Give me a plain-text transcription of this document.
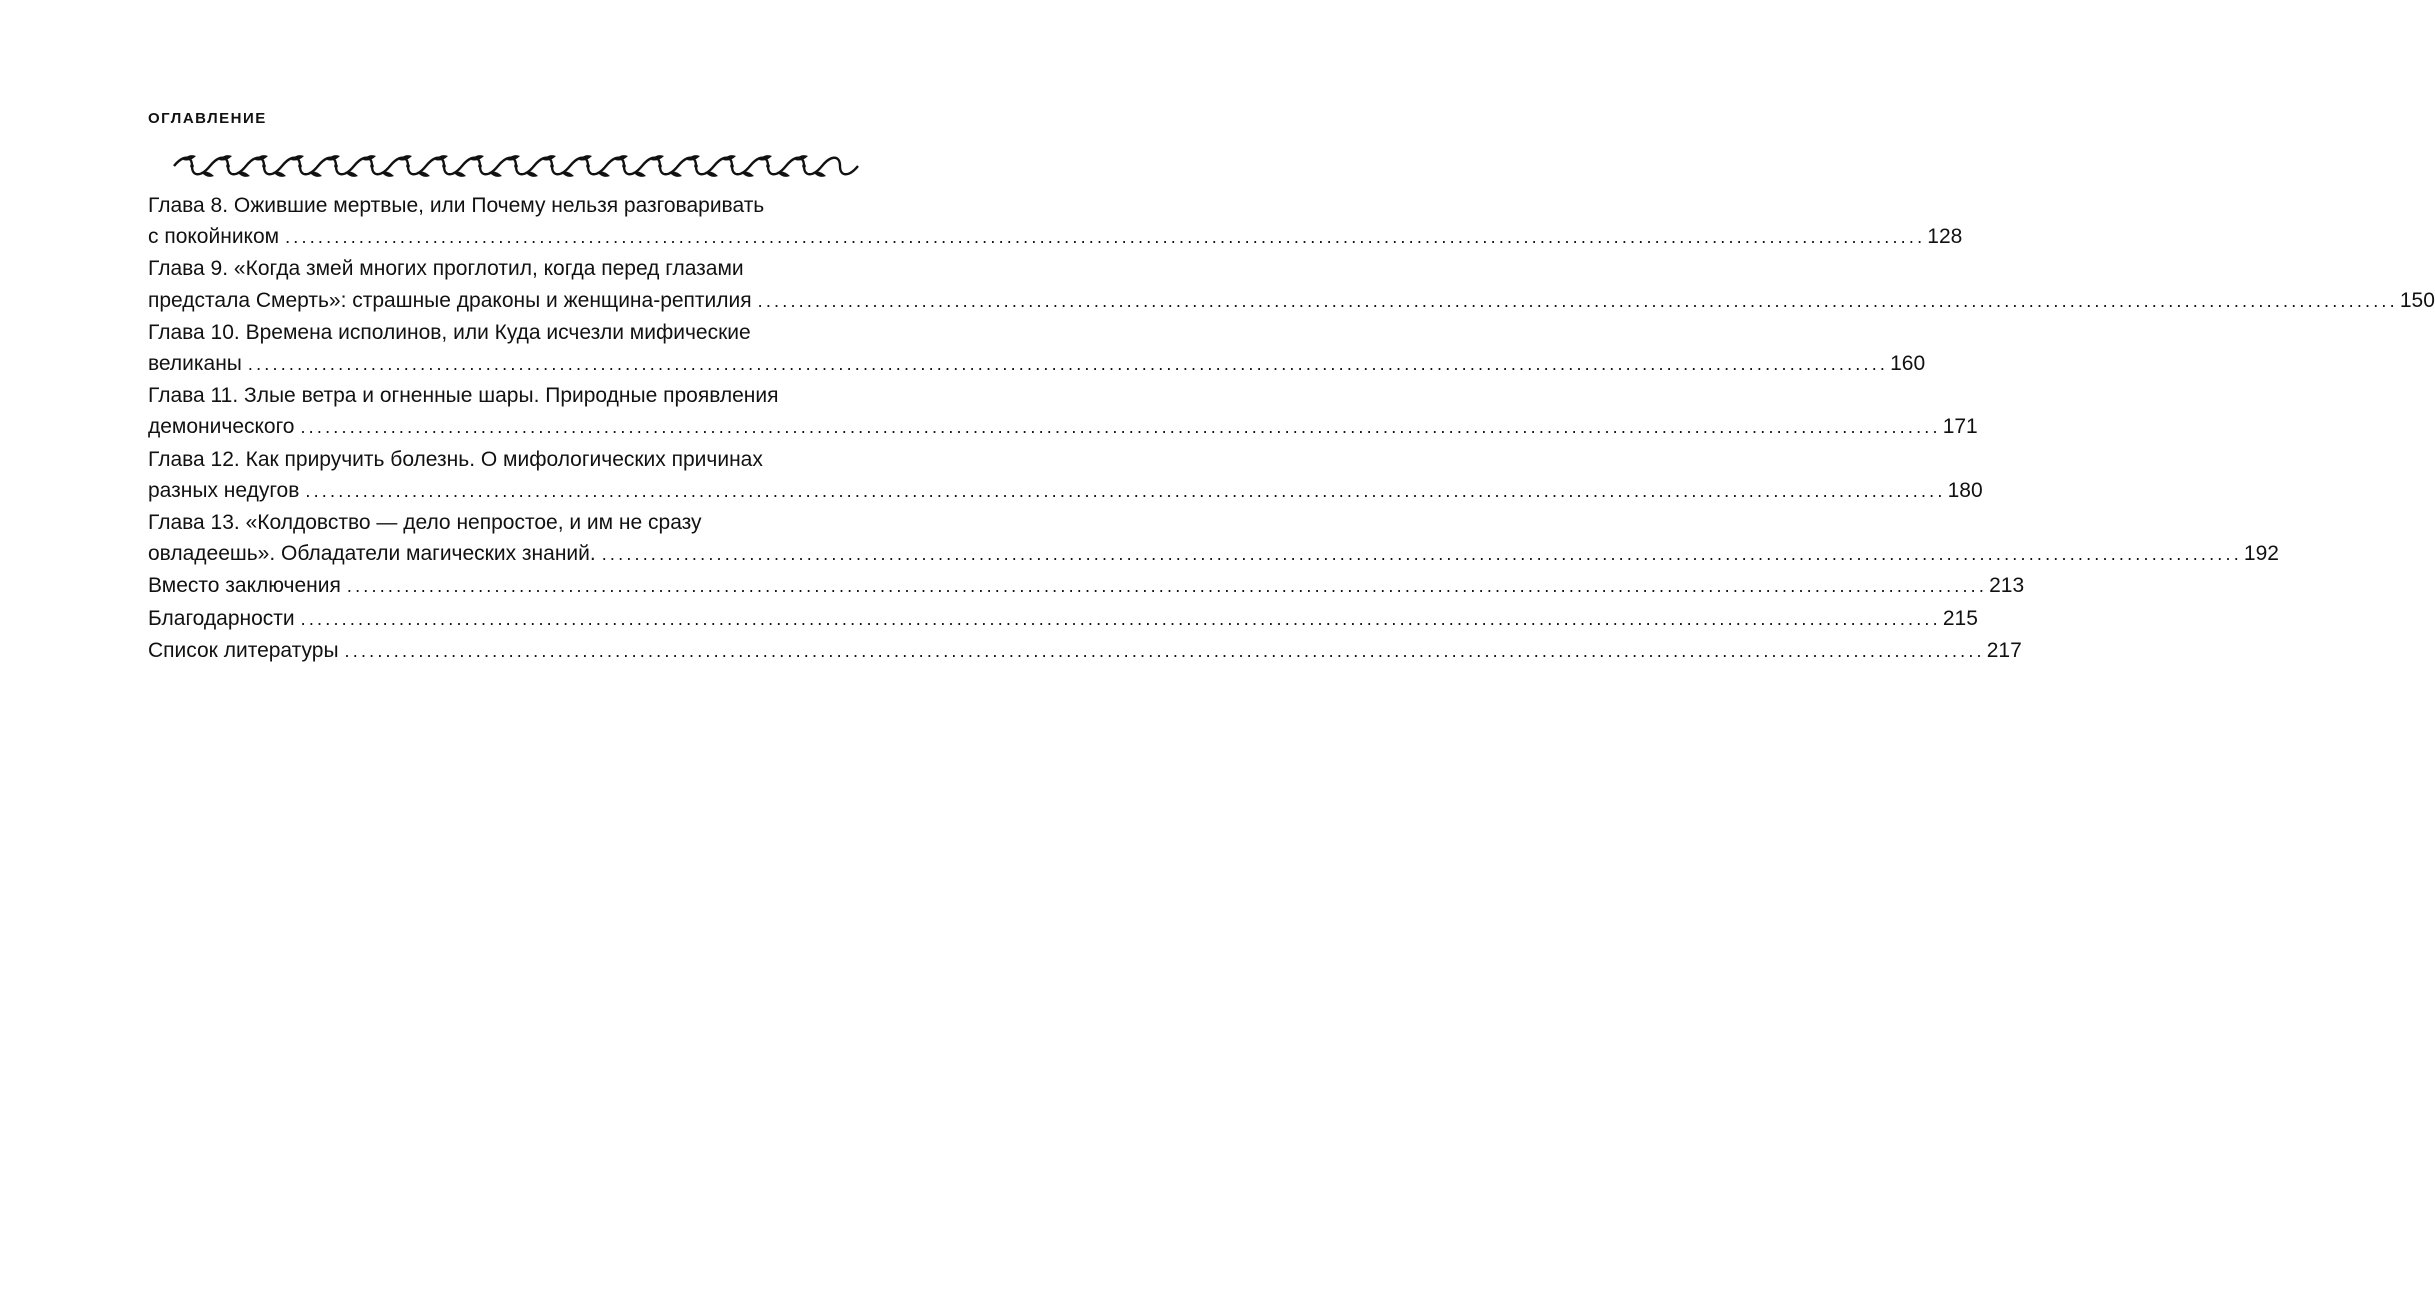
ОГЛАВЛЕНИЕ
Глава 8. Ожившие мертвые, или Почему нельзя разговаривать
с покойником ........................................................................................................................................................................................................ 128
Глава 9. «Когда змей многих проглотил, когда перед глазами
предстала Смерть»: страшные драконы и женщина-рептилия ........................................................................................................................................................................................................ 150
Глава 10. Времена исполинов, или Куда исчезли мифические
великаны ........................................................................................................................................................................................................ 160
Глава 11. Злые ветра и огненные шары. Природные проявления
демонического ........................................................................................................................................................................................................ 171
Глава 12. Как приручить болезнь. О мифологических причинах
разных недугов ........................................................................................................................................................................................................ 180
Глава 13. «Колдовство — дело непростое, и им не сразу
овладеешь». Обладатели магических знаний. ........................................................................................................................................................................................................ 192
Вместо заключения ........................................................................................................................................................................................................ 213
Благодарности ........................................................................................................................................................................................................ 215
Список литературы ........................................................................................................................................................................................................ 217
